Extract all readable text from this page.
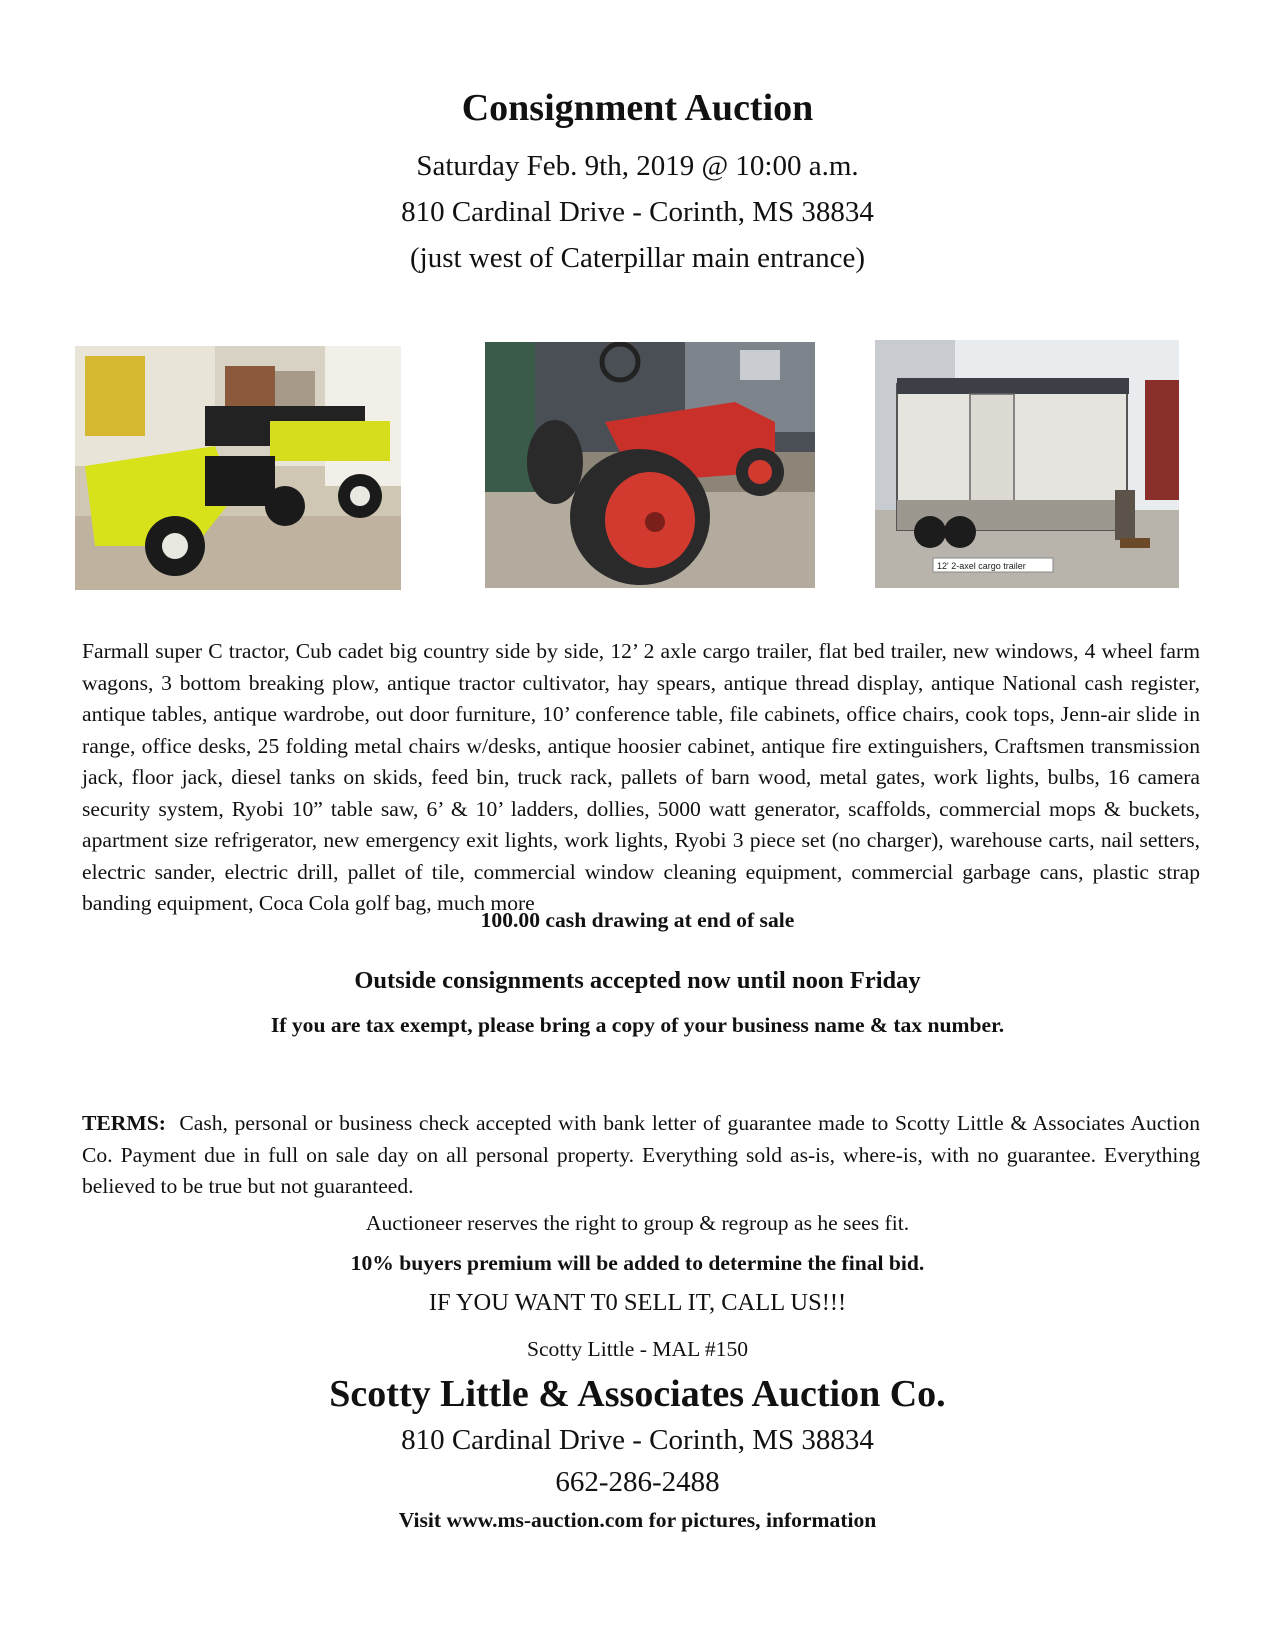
Consignment Auction
Saturday Feb. 9th, 2019 @ 10:00 a.m.
810 Cardinal Drive - Corinth, MS 38834
(just west of Caterpillar main entrance)
12' 2-axel cargo trailer
Farmall super C tractor, Cub cadet big country side by side, 12’ 2 axle cargo trailer, flat bed trailer, new windows, 4 wheel farm wagons, 3 bottom breaking plow, antique tractor cultivator, hay spears, antique thread display, antique National cash register, antique tables, antique wardrobe, out door furniture, 10’ conference table, file cabinets, office chairs, cook tops, Jenn-air slide in range, office desks, 25 folding metal chairs w/desks, antique hoosier cabinet, antique fire extinguishers, Craftsmen transmission jack, floor jack, diesel tanks on skids, feed bin, truck rack, pallets of barn wood, metal gates, work lights, bulbs, 16 camera security system, Ryobi 10” table saw, 6’ & 10’ ladders, dollies, 5000 watt generator, scaffolds, commercial mops & buckets, apartment size refrigerator, new emergency exit lights, work lights, Ryobi 3 piece set (no charger), warehouse carts, nail setters, electric sander, electric drill, pallet of tile, commercial window cleaning equipment, commercial garbage cans, plastic strap banding equipment, Coca Cola golf bag, much more
100.00 cash drawing at end of sale
Outside consignments accepted now until noon Friday
If you are tax exempt, please bring a copy of your business name & tax number.
TERMS: Cash, personal or business check accepted with bank letter of guarantee made to Scotty Little & Associates Auction Co. Payment due in full on sale day on all personal property. Everything sold as-is, where-is, with no guarantee. Everything believed to be true but not guaranteed.
Auctioneer reserves the right to group & regroup as he sees fit.
10% buyers premium will be added to determine the final bid.
IF YOU WANT T0 SELL IT, CALL US!!!
Scotty Little - MAL #150
Scotty Little & Associates Auction Co.
810 Cardinal Drive - Corinth, MS 38834
662-286-2488
Visit www.ms-auction.com for pictures, information
